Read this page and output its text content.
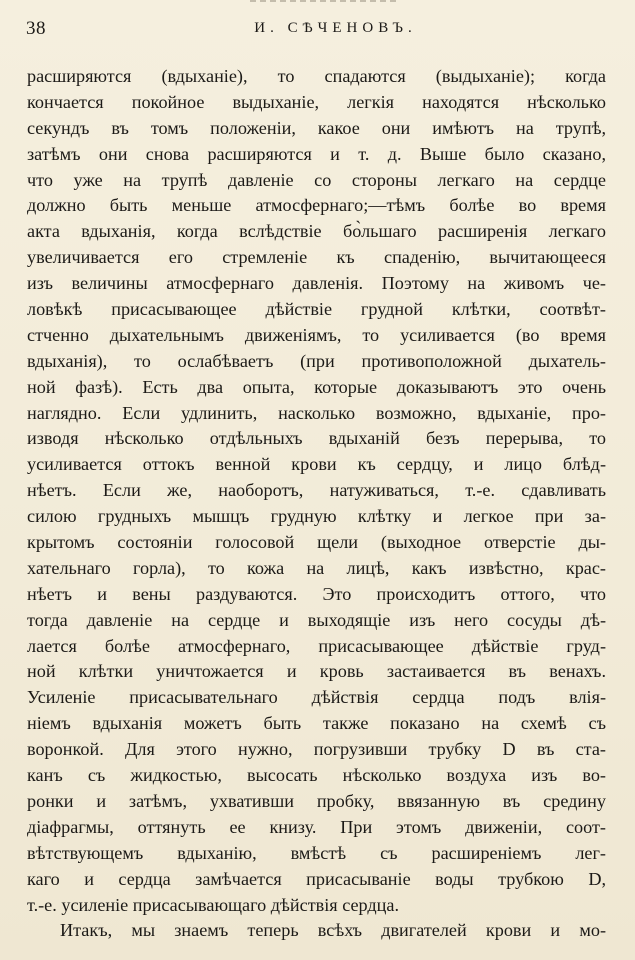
38	И. СѢЧЕНОВЪ.
расширяются (вдыханіе), то спадаются (выдыханіе); когда
кончается покойное выдыханіе, легкія находятся нѣсколько
секундъ въ томъ положеніи, какое они имѣютъ на трупѣ,
затѣмъ они снова расширяются и т. д. Выше было сказано,
что уже на трупѣ давленіе со стороны легкаго на сердце
должно быть меньше атмосфернаго;—тѣмъ болѣе во время
акта вдыханія, когда вслѣдствіе бо̀льшаго расширенія легкаго
увеличивается его стремленіе къ спаденію, вычитающееся
изъ величины атмосфернаго давленія. Поэтому на живомъ че-
ловѣкѣ присасывающее дѣйствіе грудной клѣтки, соотвѣт-
стченно дыхательнымъ движеніямъ, то усиливается (во время
вдыханія), то ослабѣваетъ (при противоположной дыхатель-
ной фазѣ). Есть два опыта, которые доказываютъ это очень
наглядно. Если удлинить, насколько возможно, вдыханіе, про-
изводя нѣсколько отдѣльныхъ вдыханій безъ перерыва, то
усиливается оттокъ венной крови къ сердцу, и лицо блѣд-
нѣетъ. Если же, наоборотъ, натуживаться, т.-е. сдавливать
силою грудныхъ мышцъ грудную клѣтку и легкое при за-
крытомъ состояніи голосовой щели (выходное отверстіе ды-
хательнаго горла), то кожа на лицѣ, какъ извѣстно, крас-
нѣетъ и вены раздуваются. Это происходитъ оттого, что
тогда давленіе на сердце и выходящіе изъ него сосуды дѣ-
лается болѣе атмосфернаго, присасывающее дѣйствіе груд-
ной клѣтки уничтожается и кровь застаивается въ венахъ.
Усиленіе присасывательнаго дѣйствія сердца подъ влія-
ніемъ вдыханія можетъ быть также показано на схемѣ съ
воронкой. Для этого нужно, погрузивши трубку D въ ста-
канъ съ жидкостью, высосать нѣсколько воздуха изъ во-
ронки и затѣмъ, ухвативши пробку, ввязанную въ средину
діафрагмы, оттянуть ее книзу. При этомъ движеніи, соот-
вѣтствующемъ вдыханію, вмѣстѣ съ расширеніемъ лег-
каго и сердца замѣчается присасываніе воды трубкою D,
т.-е. усиленіе присасывающаго дѣйствія сердца.
Итакъ, мы знаемъ теперь всѣхъ двигателей крови и мо-
